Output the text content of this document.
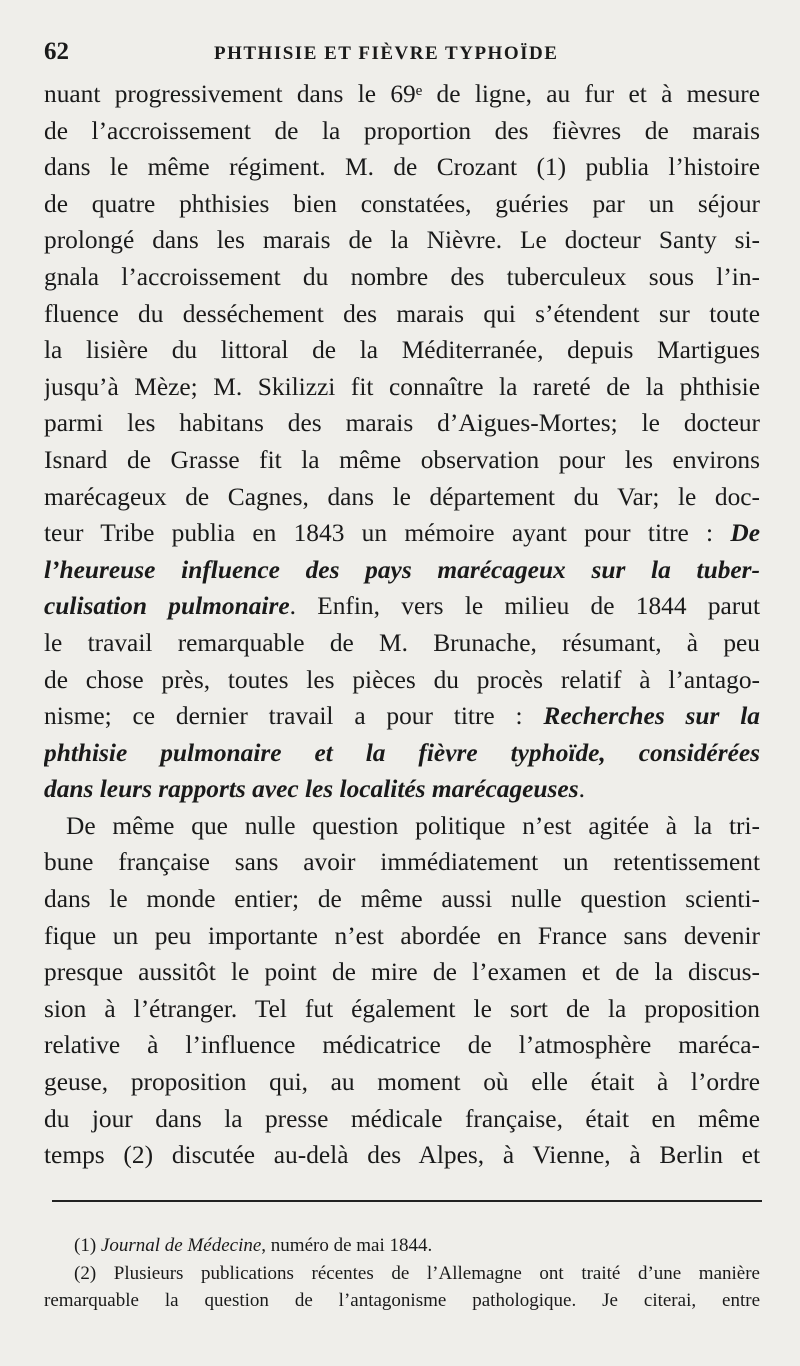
62	PHTHISIE ET FIÈVRE TYPHOÏDE
nuant progressivement dans le 69ᵉ de ligne, au fur et à mesure
de l’accroissement de la proportion des fièvres de marais
dans le même régiment. M. de Crozant (1) publia l’histoire
de quatre phthisies bien constatées, guéries par un séjour
prolongé dans les marais de la Nièvre. Le docteur Santy si-
gnala l’accroissement du nombre des tuberculeux sous l’in-
fluence du desséchement des marais qui s’étendent sur toute
la lisière du littoral de la Méditerranée, depuis Martigues
jusqu’à Mèze; M. Skilizzi fit connaître la rareté de la phthisie
parmi les habitans des marais d’Aigues-Mortes; le docteur
Isnard de Grasse fit la même observation pour les environs
marécageux de Cagnes, dans le département du Var; le doc-
teur Tribe publia en 1843 un mémoire ayant pour titre : De
l’heureuse influence des pays marécageux sur la tuber-
culisation pulmonaire. Enfin, vers le milieu de 1844 parut
le travail remarquable de M. Brunache, résumant, à peu
de chose près, toutes les pièces du procès relatif à l’antago-
nisme; ce dernier travail a pour titre : Recherches sur la
phthisie pulmonaire et la fièvre typhoïde, considérées
dans leurs rapports avec les localités marécageuses.
De même que nulle question politique n’est agitée à la tri-
bune française sans avoir immédiatement un retentissement
dans le monde entier; de même aussi nulle question scienti-
fique un peu importante n’est abordée en France sans devenir
presque aussitôt le point de mire de l’examen et de la discus-
sion à l’étranger. Tel fut également le sort de la proposition
relative à l’influence médicatrice de l’atmosphère maréca-
geuse, proposition qui, au moment où elle était à l’ordre
du jour dans la presse médicale française, était en même
temps (2) discutée au-delà des Alpes, à Vienne, à Berlin et
(1) Journal de Médecine, numéro de mai 1844.
(2) Plusieurs publications récentes de l’Allemagne ont traité d’une manière
remarquable la question de l’antagonisme pathologique. Je citerai, entre
